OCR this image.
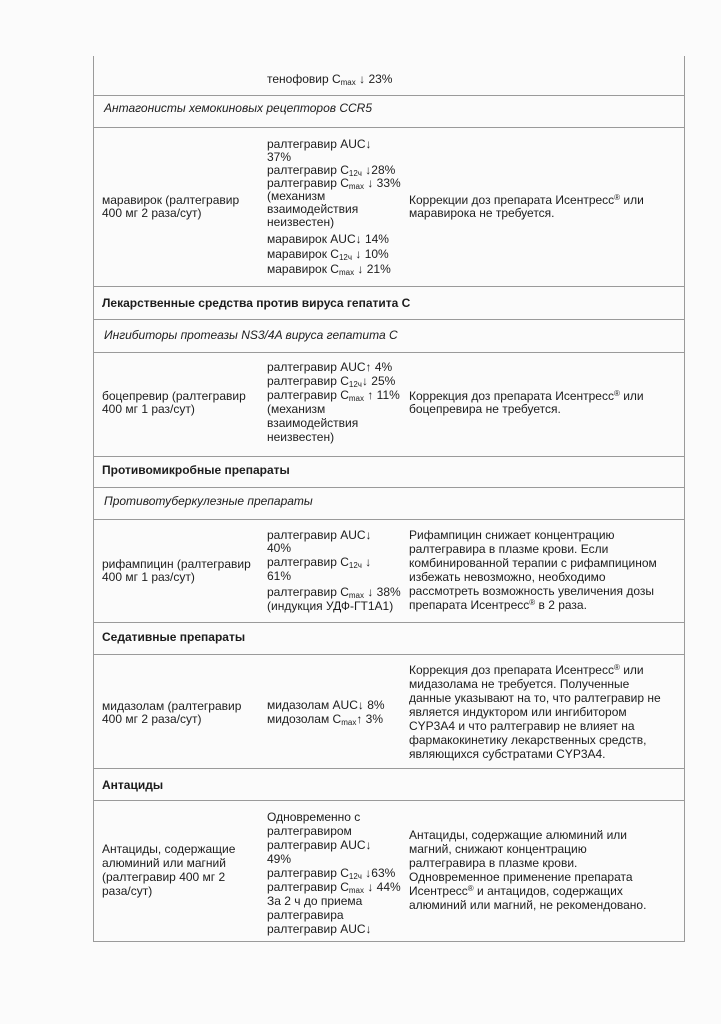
тенофовир $C_{max}$ ↓ 23%
Антагонисты хемокиновых рецепторов CCR5
маравирок (ралтегравир
400 мг 2 раза/сут)
ралтегравир AUC↓
37%
ралтегравир $C_{12ч}$ ↓28%
ралтегравир $C_{max}$ ↓ 33%
(механизм
взаимодействия
неизвестен)
маравирок AUC↓ 14%
маравирок $C_{12ч}$ ↓ 10%
маравирок $C_{max}$ ↓ 21%
Коррекции доз препарата Исентресс® или
маравирока не требуется.
Лекарственные средства против вируса гепатита С
Ингибиторы протеазы NS3/4A вируса гепатита С
боцепревир (ралтегравир
400 мг 1 раз/сут)
ралтегравир AUC↑ 4%
ралтегравир $C_{12ч}↓$ 25%
ралтегравир $C_{max}$ ↑ 11%
(механизм
взаимодействия
неизвестен)
Коррекция доз препарата Исентресс® или
боцепревира не требуется.
Противомикробные препараты
Противотуберкулезные препараты
рифампицин (ралтегравир
400 мг 1 раз/сут)
ралтегравир AUC↓
40%
ралтегравир $C_{12ч}$ ↓
61%
ралтегравир $C_{max}$ ↓ 38%
(индукция УДФ-ГТ1А1)
Рифампицин снижает концентрацию
ралтегравира в плазме крови. Если
комбинированной терапии с рифампицином
избежать невозможно, необходимо
рассмотреть возможность увеличения дозы
препарата Исентресс® в 2 раза.
Седативные препараты
мидазолам (ралтегравир
400 мг 2 раза/сут)
мидазолам AUC↓ 8%
мидозолам $C_{max}↑$ 3%
Коррекция доз препарата Исентресс® или
мидазолама не требуется. Полученные
данные указывают на то, что ралтегравир не
является индуктором или ингибитором
CYP3A4 и что ралтегравир не влияет на
фармакокинетику лекарственных средств,
являющихся субстратами CYP3A4.
Антациды
Антациды, содержащие
алюминий или магний
(ралтегравир 400 мг 2
раза/сут)
Одновременно с
ралтегравиром
ралтегравир AUC↓
49%
ралтегравир $C_{12ч}$ ↓63%
ралтегравир $C_{max}$ ↓ 44%
За 2 ч до приема
ралтегравира
ралтегравир AUC↓
Антациды, содержащие алюминий или
магний, снижают концентрацию
ралтегравира в плазме крови.
Одновременное применение препарата
Исентресс® и антацидов, содержащих
алюминий или магний, не рекомендовано.
